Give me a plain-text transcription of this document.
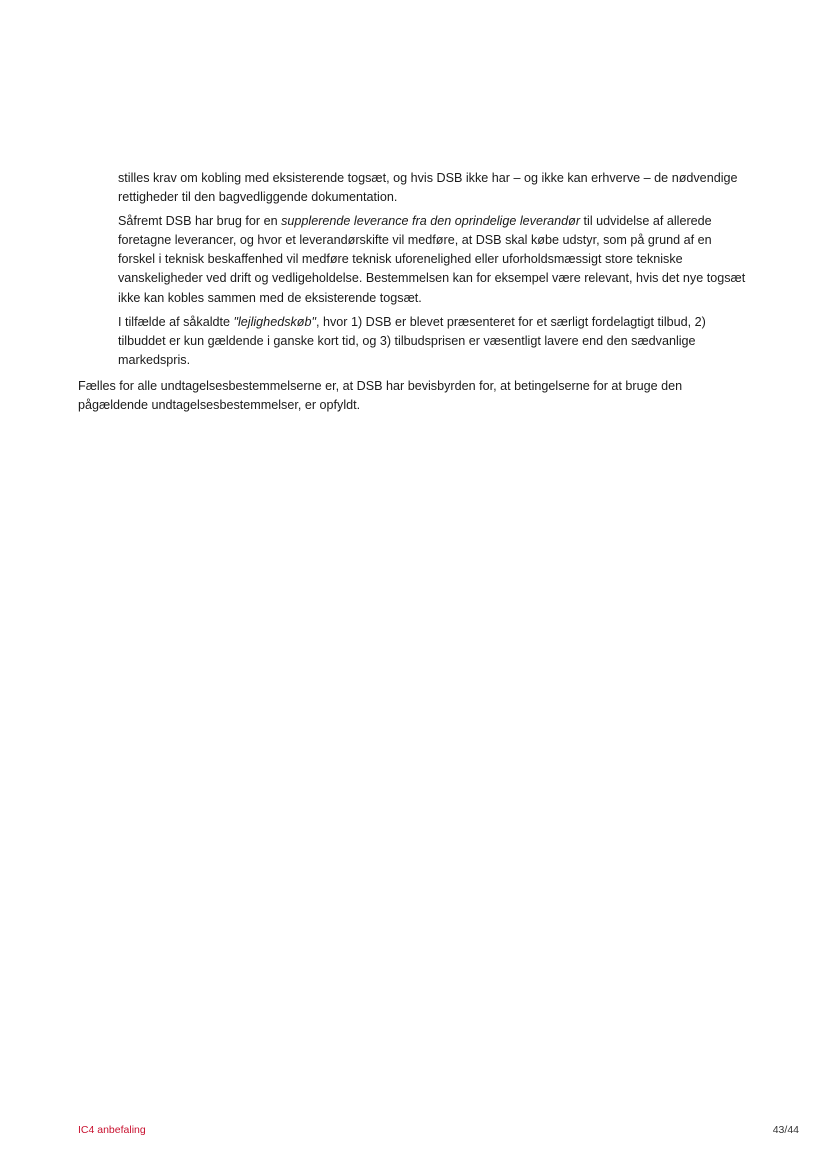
stilles krav om kobling med eksisterende togsæt, og hvis DSB ikke har – og ikke kan erhverve – de nødvendige rettigheder til den bagvedliggende dokumentation.

Såfremt DSB har brug for en supplerende leverance fra den oprindelige leverandør til udvidelse af allerede foretagne leverancer, og hvor et leverandørskifte vil medføre, at DSB skal købe udstyr, som på grund af en forskel i teknisk beskaffenhed vil medføre teknisk uforenelighed eller uforholdsmæssigt store tekniske vanskeligheder ved drift og vedligeholdelse. Bestemmelsen kan for eksempel være relevant, hvis det nye togsæt ikke kan kobles sammen med de eksisterende togsæt.

I tilfælde af såkaldte "lejlighedskøb", hvor 1) DSB er blevet præsenteret for et særligt fordelagtigt tilbud, 2) tilbuddet er kun gældende i ganske kort tid, og 3) tilbudsprisen er væsentligt lavere end den sædvanlige markedspris.

Fælles for alle undtagelsesbestemmelserne er, at DSB har bevisbyrden for, at betingelserne for at bruge den pågældende undtagelsesbestemmelser, er opfyldt.

IC4 anbefaling	43/44
